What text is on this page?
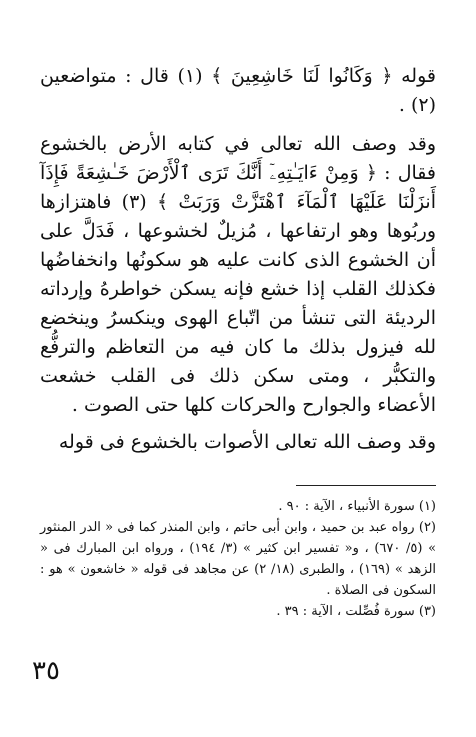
قوله ﴿ وَكَانُوا لَنَا خَاشِعِينَ ﴾ (١) قال : متواضعين (٢) .

وقد وصف الله تعالى في كتابه الأرض بالخشوع فقال : ﴿ وَمِنْ ءَايَـٰتِهِۦٓ أَنَّكَ تَرَى ٱلْأَرْضَ خَـٰشِعَةً فَإِذَآ أَنزَلْنَا عَلَيْهَا ٱلْمَآءَ ٱهْتَزَّتْ وَرَبَتْ ﴾ (٣) فاهتزازها وربُوها وهو ارتفاعها ، مُزيلٌ لخشوعها ، فَدَلَّ على أن الخشوع الذى كانت عليه هو سكونُها وانخفاضُها فكذلك القلب إذا خشع فإنه يسكن خواطرهُ وإرداته الرديئة التى تنشأ من اتّباع الهوى وينكسرُ وينخضع لله فيزول بذلك ما كان فيه من التعاظم والترفُّع والتكبُّر ، ومتى سكن ذلك فى القلب خشعت الأعضاء والجوارح والحركات كلها حتى الصوت .

وقد وصف الله تعالى الأصوات بالخشوع فى قوله

(١) سورة الأنبياء ، الآية : ٩٠ .

(٢) رواه عبد بن حميد ، وابن أبى حاتم ، وابن المنذر كما فى « الدر المنثور » (٥/ ٦٧٠) ، و« تفسير ابن كثير » (٣/ ١٩٤) ، ورواه ابن المبارك فى « الزهد » (١٦٩) ، والطبرى (١٨/ ٢) عن مجاهد فى قوله « خاشعون » هو : السكون فى الصلاة .

(٣) سورة فُصِّلت ، الآية : ٣٩ .

٣٥
